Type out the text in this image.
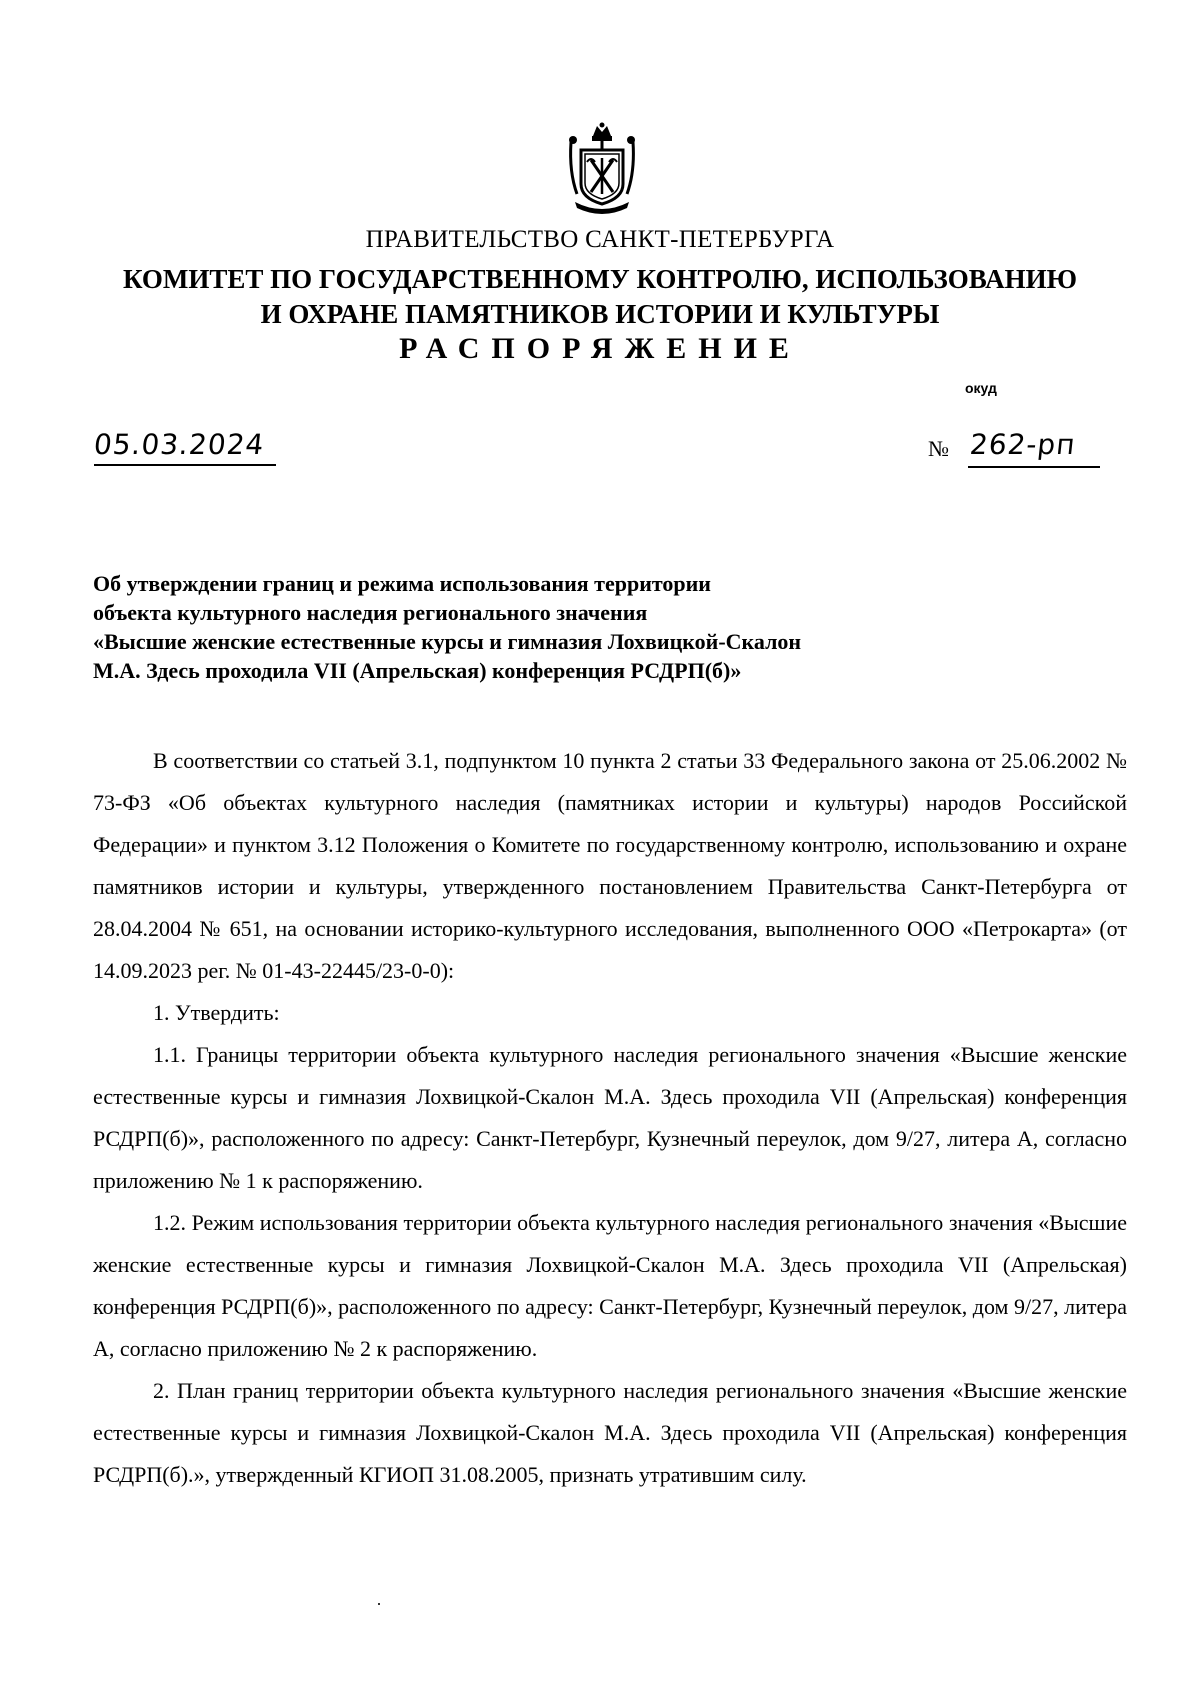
ПРАВИТЕЛЬСТВО САНКТ-ПЕТЕРБУРГА
КОМИТЕТ ПО ГОСУДАРСТВЕННОМУ КОНТРОЛЮ, ИСПОЛЬЗОВАНИЮ
И ОХРАНЕ ПАМЯТНИКОВ ИСТОРИИ И КУЛЬТУРЫ
РАСПОРЯЖЕНИЕ
окуд
05.03.2024	№ 262-рп
Об утверждении границ и режима использования территории
объекта культурного наследия регионального значения
«Высшие женские естественные курсы и гимназия Лохвицкой-Скалон
М.А. Здесь проходила VII (Апрельская) конференция РСДРП(б)»

В соответствии со статьей 3.1, подпунктом 10 пункта 2 статьи 33 Федерального закона от 25.06.2002 № 73-ФЗ «Об объектах культурного наследия (памятниках истории и культуры) народов Российской Федерации» и пунктом 3.12 Положения о Комитете по государственному контролю, использованию и охране памятников истории и культуры, утвержденного постановлением Правительства Санкт-Петербурга от 28.04.2004 № 651, на основании историко-культурного исследования, выполненного ООО «Петрокарта» (от 14.09.2023 рег. № 01-43-22445/23-0-0):

1. Утвердить:

1.1. Границы территории объекта культурного наследия регионального значения «Высшие женские естественные курсы и гимназия Лохвицкой-Скалон М.А. Здесь проходила VII (Апрельская) конференция РСДРП(б)», расположенного по адресу: Санкт-Петербург, Кузнечный переулок, дом 9/27, литера А, согласно приложению № 1 к распоряжению.

1.2. Режим использования территории объекта культурного наследия регионального значения «Высшие женские естественные курсы и гимназия Лохвицкой-Скалон М.А. Здесь проходила VII (Апрельская) конференция РСДРП(б)», расположенного по адресу: Санкт-Петербург, Кузнечный переулок, дом 9/27, литера А, согласно приложению № 2 к распоряжению.

2. План границ территории объекта культурного наследия регионального значения «Высшие женские естественные курсы и гимназия Лохвицкой-Скалон М.А. Здесь проходила VII (Апрельская) конференция РСДРП(б).», утвержденный КГИОП 31.08.2005, признать утратившим силу.
